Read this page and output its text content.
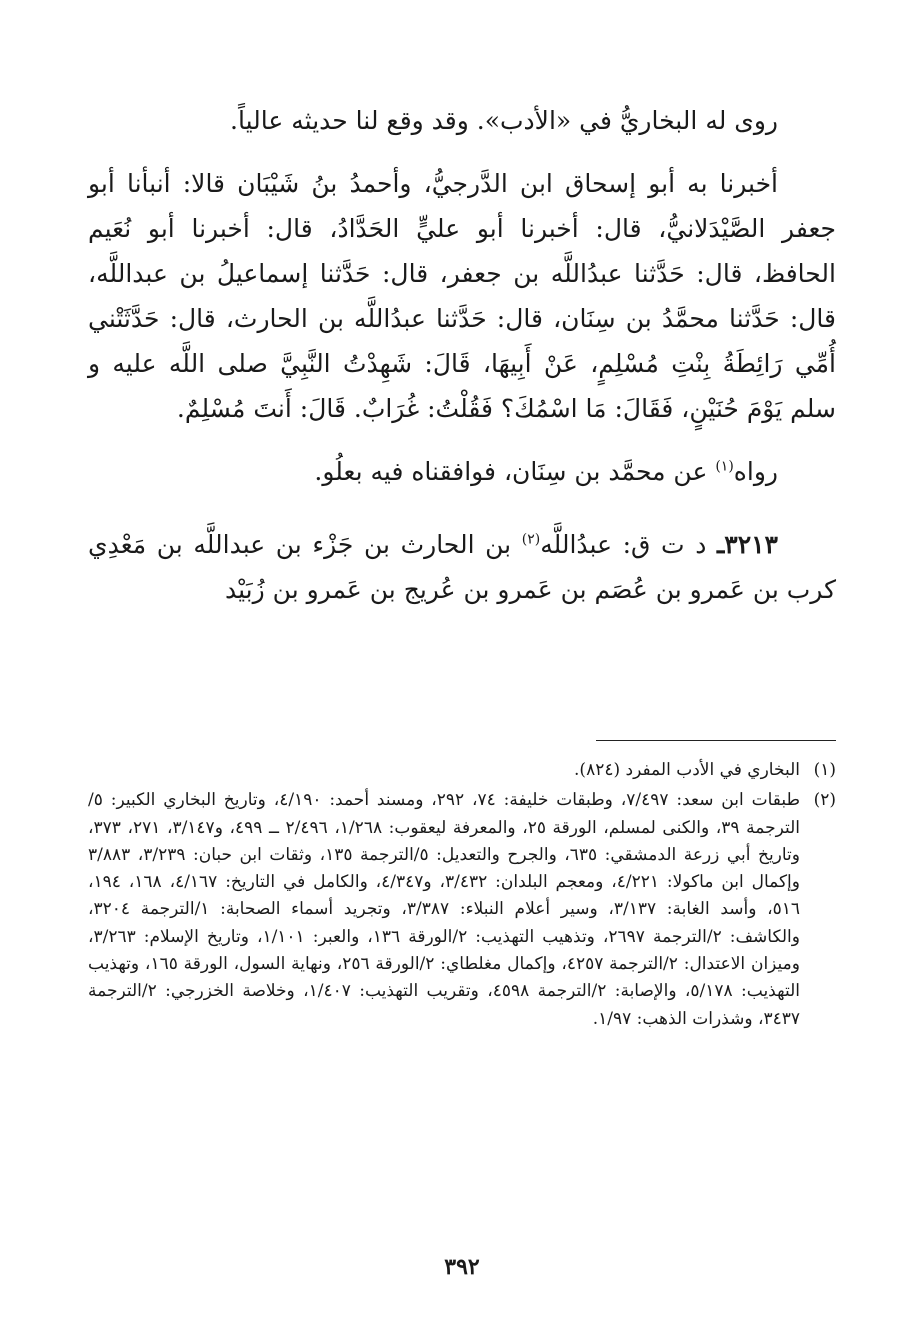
روى له البخاريُّ في «الأدب». وقد وقع لنا حديثه عالياً.

أخبرنا به أبو إسحاق ابن الدَّرجيُّ، وأحمدُ بنُ شَيْبَان قالا: أنبأنا أبو جعفر الصَّيْدَلانيُّ، قال: أخبرنا أبو عليٍّ الحَدَّادُ، قال: أخبرنا أبو نُعَيم الحافظ، قال: حَدَّثنا عبدُاللَّه بن جعفر، قال: حَدَّثنا إسماعيلُ بن عبداللَّه، قال: حَدَّثنا محمَّدُ بن سِنَان، قال: حَدَّثنا عبدُاللَّه بن الحارث، قال: حَدَّثَتْني أُمِّي رَائِطَةُ بِنْتِ مُسْلِمٍ، عَنْ أَبِيهَا، قَالَ: شَهِدْتُ النَّبِيَّ صلى اللَّه عليه و سلم يَوْمَ حُنَيْنٍ، فَقَالَ: مَا اسْمُكَ؟ فَقُلْتُ: غُرَابٌ. قَالَ: أَنتَ مُسْلِمٌ.

رواه$^{(١)}$ عن محمَّد بن سِنَان، فوافقناه فيه بعلُو.

٣٢١٣ـ د ت ق: عبدُاللَّه$^{(٢)}$ بن الحارث بن جَزْء بن عبداللَّه بن مَعْدِي كرب بن عَمرو بن عُصَم بن عَمرو بن عُريج بن عَمرو بن زُبَيْد

(١)
البخاري في الأدب المفرد (٨٢٤).
(٢)
طبقات ابن سعد: ٧/٤٩٧، وطبقات خليفة: ٧٤، ٢٩٢، ومسند أحمد: ٤/١٩٠، وتاريخ البخاري الكبير: ٥/الترجمة ٣٩، والكنى لمسلم، الورقة ٢٥، والمعرفة ليعقوب: ١/٢٦٨، ٢/٤٩٦ ــ ٤٩٩، و٣/١٤٧، ٢٧١، ٣٧٣، وتاريخ أبي زرعة الدمشقي: ٦٣٥، والجرح والتعديل: ٥/الترجمة ١٣٥، وثقات ابن حبان: ٣/٢٣٩، ٣/٨٨٣ وإكمال ابن ماكولا: ٤/٢٢١، ومعجم البلدان: ٣/٤٣٢، و٤/٣٤٧، والكامل في التاريخ: ٤/١٦٧، ١٦٨، ١٩٤، ٥١٦، وأسد الغابة: ٣/١٣٧، وسير أعلام النبلاء: ٣/٣٨٧، وتجريد أسماء الصحابة: ١/الترجمة ٣٢٠٤، والكاشف: ٢/الترجمة ٢٦٩٧، وتذهيب التهذيب: ٢/الورقة ١٣٦، والعبر: ١/١٠١، وتاريخ الإسلام: ٣/٢٦٣، وميزان الاعتدال: ٢/الترجمة ٤٢٥٧، وإكمال مغلطاي: ٢/الورقة ٢٥٦، ونهاية السول، الورقة ١٦٥، وتهذيب التهذيب: ٥/١٧٨، والإصابة: ٢/الترجمة ٤٥٩٨، وتقريب التهذيب: ١/٤٠٧، وخلاصة الخزرجي: ٢/الترجمة ٣٤٣٧، وشذرات الذهب: ١/٩٧.
٣٩٢
